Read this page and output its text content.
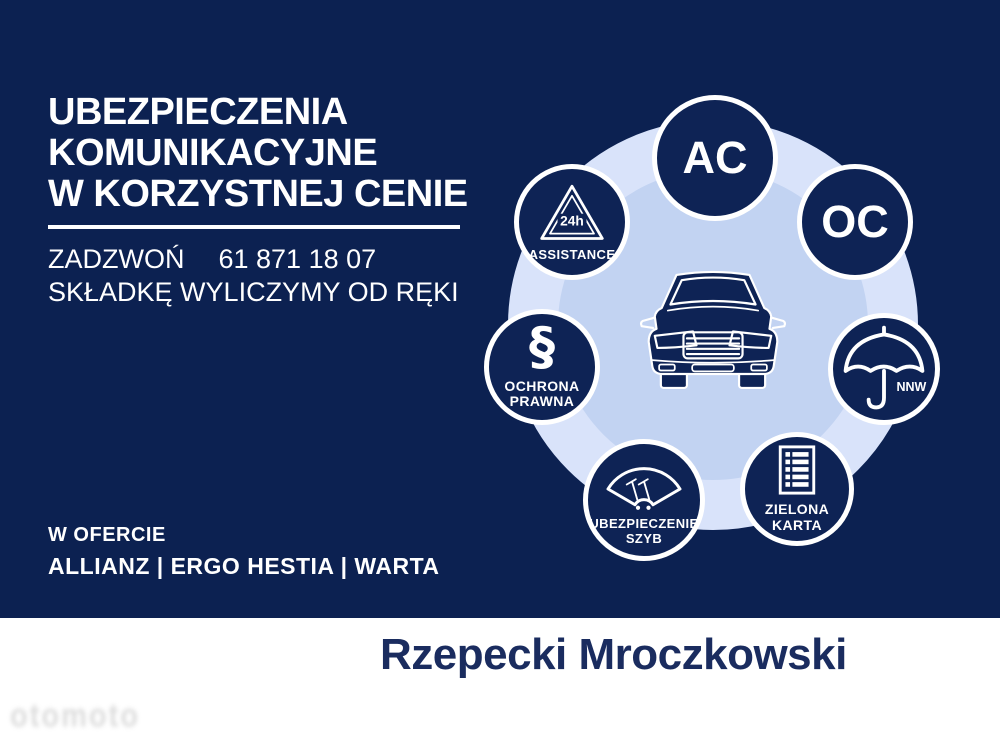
UBEZPIECZENIA
KOMUNIKACYJNE
W KORZYSTNEJ CENIE
ZADZWOŃ 61 871 18 07
SKŁADKĘ WYLICZYMY OD RĘKI
W OFERCIE
ALLIANZ | ERGO HESTIA | WARTA
AC
OC
24h
ASSISTANCE
NNW
ZIELONA
KARTA
UBEZPIECZENIE
SZYB
§
OCHRONA
PRAWNA
Rzepecki Mroczkowski
otomoto
